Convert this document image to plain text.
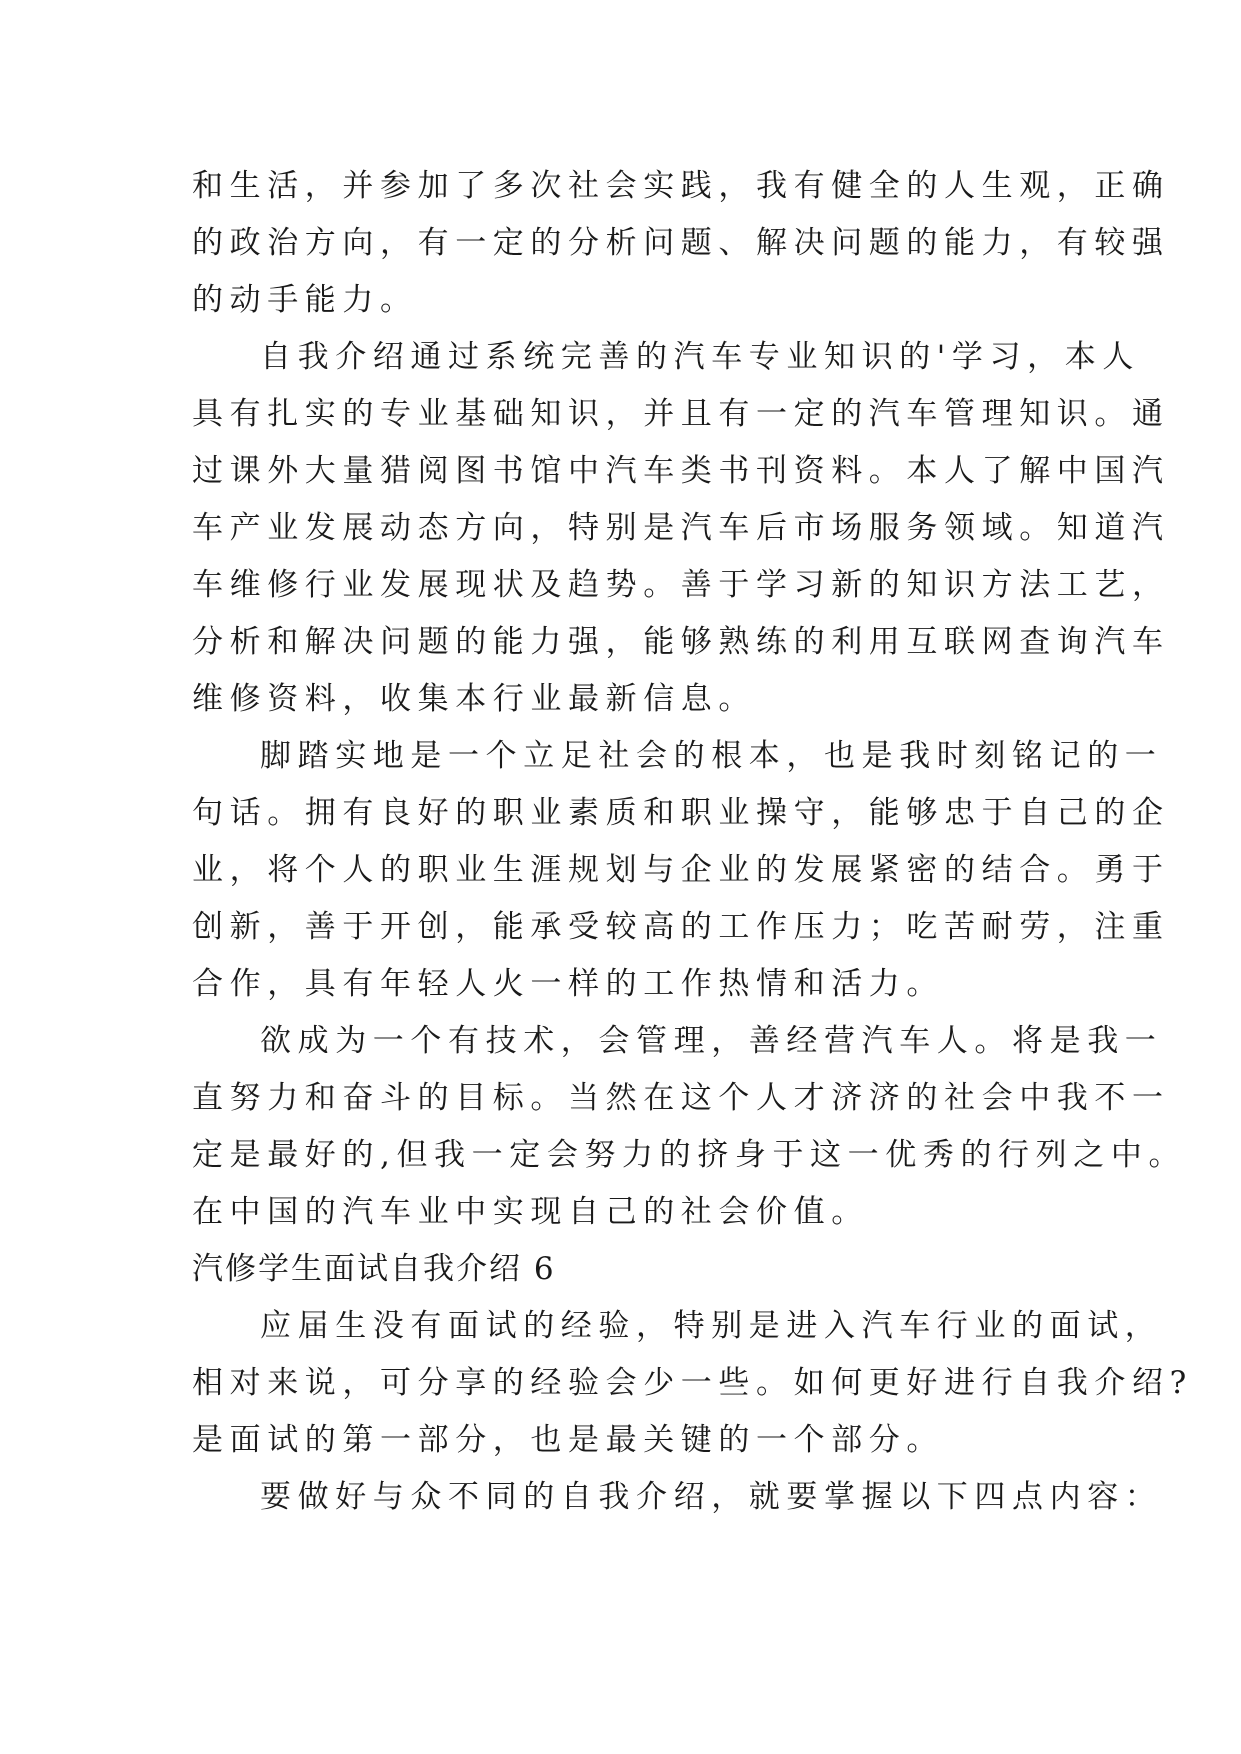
和生活，并参加了多次社会实践，我有健全的人生观，正确
的政治方向，有一定的分析问题、解决问题的能力，有较强
的动手能力。
自我介绍通过系统完善的汽车专业知识的'学习，本人
具有扎实的专业基础知识，并且有一定的汽车管理知识。通
过课外大量猎阅图书馆中汽车类书刊资料。本人了解中国汽
车产业发展动态方向，特别是汽车后市场服务领域。知道汽
车维修行业发展现状及趋势。善于学习新的知识方法工艺，
分析和解决问题的能力强，能够熟练的利用互联网查询汽车
维修资料，收集本行业最新信息。
脚踏实地是一个立足社会的根本，也是我时刻铭记的一
句话。拥有良好的职业素质和职业操守，能够忠于自己的企
业，将个人的职业生涯规划与企业的发展紧密的结合。勇于
创新，善于开创，能承受较高的工作压力；吃苦耐劳，注重
合作，具有年轻人火一样的工作热情和活力。
欲成为一个有技术，会管理，善经营汽车人。将是我一
直努力和奋斗的目标。当然在这个人才济济的社会中我不一
定是最好的,但我一定会努力的挤身于这一优秀的行列之中。
在中国的汽车业中实现自己的社会价值。
汽修学生面试自我介绍 6
应届生没有面试的经验，特别是进入汽车行业的面试，
相对来说，可分享的经验会少一些。如何更好进行自我介绍?
是面试的第一部分，也是最关键的一个部分。
要做好与众不同的自我介绍，就要掌握以下四点内容：
